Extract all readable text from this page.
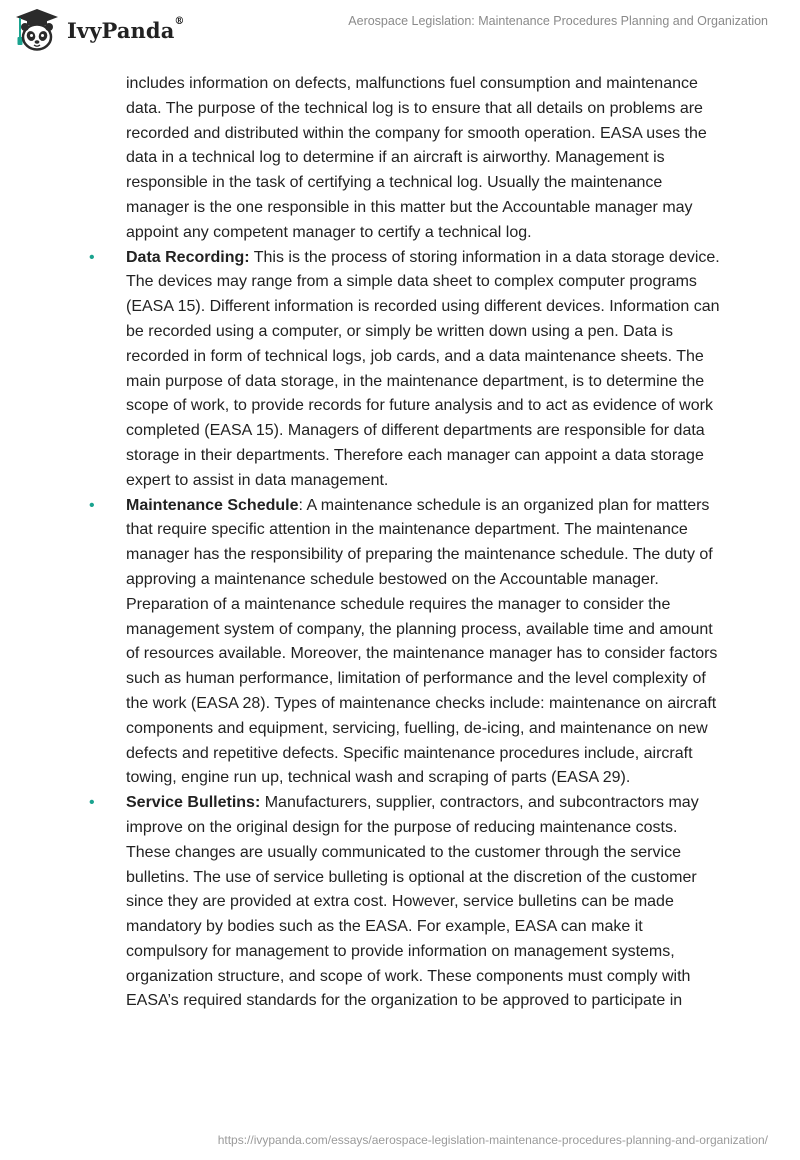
IvyPanda®	Aerospace Legislation: Maintenance Procedures Planning and Organization

includes information on defects, malfunctions fuel consumption and maintenance data. The purpose of the technical log is to ensure that all details on problems are recorded and distributed within the company for smooth operation. EASA uses the data in a technical log to determine if an aircraft is airworthy. Management is responsible in the task of certifying a technical log. Usually the maintenance manager is the one responsible in this matter but the Accountable manager may appoint any competent manager to certify a technical log.

• Data Recording: This is the process of storing information in a data storage device. The devices may range from a simple data sheet to complex computer programs (EASA 15). Different information is recorded using different devices. Information can be recorded using a computer, or simply be written down using a pen. Data is recorded in form of technical logs, job cards, and a data maintenance sheets. The main purpose of data storage, in the maintenance department, is to determine the scope of work, to provide records for future analysis and to act as evidence of work completed (EASA 15). Managers of different departments are responsible for data storage in their departments. Therefore each manager can appoint a data storage expert to assist in data management.

• Maintenance Schedule: A maintenance schedule is an organized plan for matters that require specific attention in the maintenance department. The maintenance manager has the responsibility of preparing the maintenance schedule. The duty of approving a maintenance schedule bestowed on the Accountable manager. Preparation of a maintenance schedule requires the manager to consider the management system of company, the planning process, available time and amount of resources available. Moreover, the maintenance manager has to consider factors such as human performance, limitation of performance and the level complexity of the work (EASA 28). Types of maintenance checks include: maintenance on aircraft components and equipment, servicing, fuelling, de-icing, and maintenance on new defects and repetitive defects. Specific maintenance procedures include, aircraft towing, engine run up, technical wash and scraping of parts (EASA 29).

• Service Bulletins: Manufacturers, supplier, contractors, and subcontractors may improve on the original design for the purpose of reducing maintenance costs. These changes are usually communicated to the customer through the service bulletins. The use of service bulleting is optional at the discretion of the customer since they are provided at extra cost. However, service bulletins can be made mandatory by bodies such as the EASA. For example, EASA can make it compulsory for management to provide information on management systems, organization structure, and scope of work. These components must comply with EASA’s required standards for the organization to be approved to participate in

https://ivypanda.com/essays/aerospace-legislation-maintenance-procedures-planning-and-organization/
